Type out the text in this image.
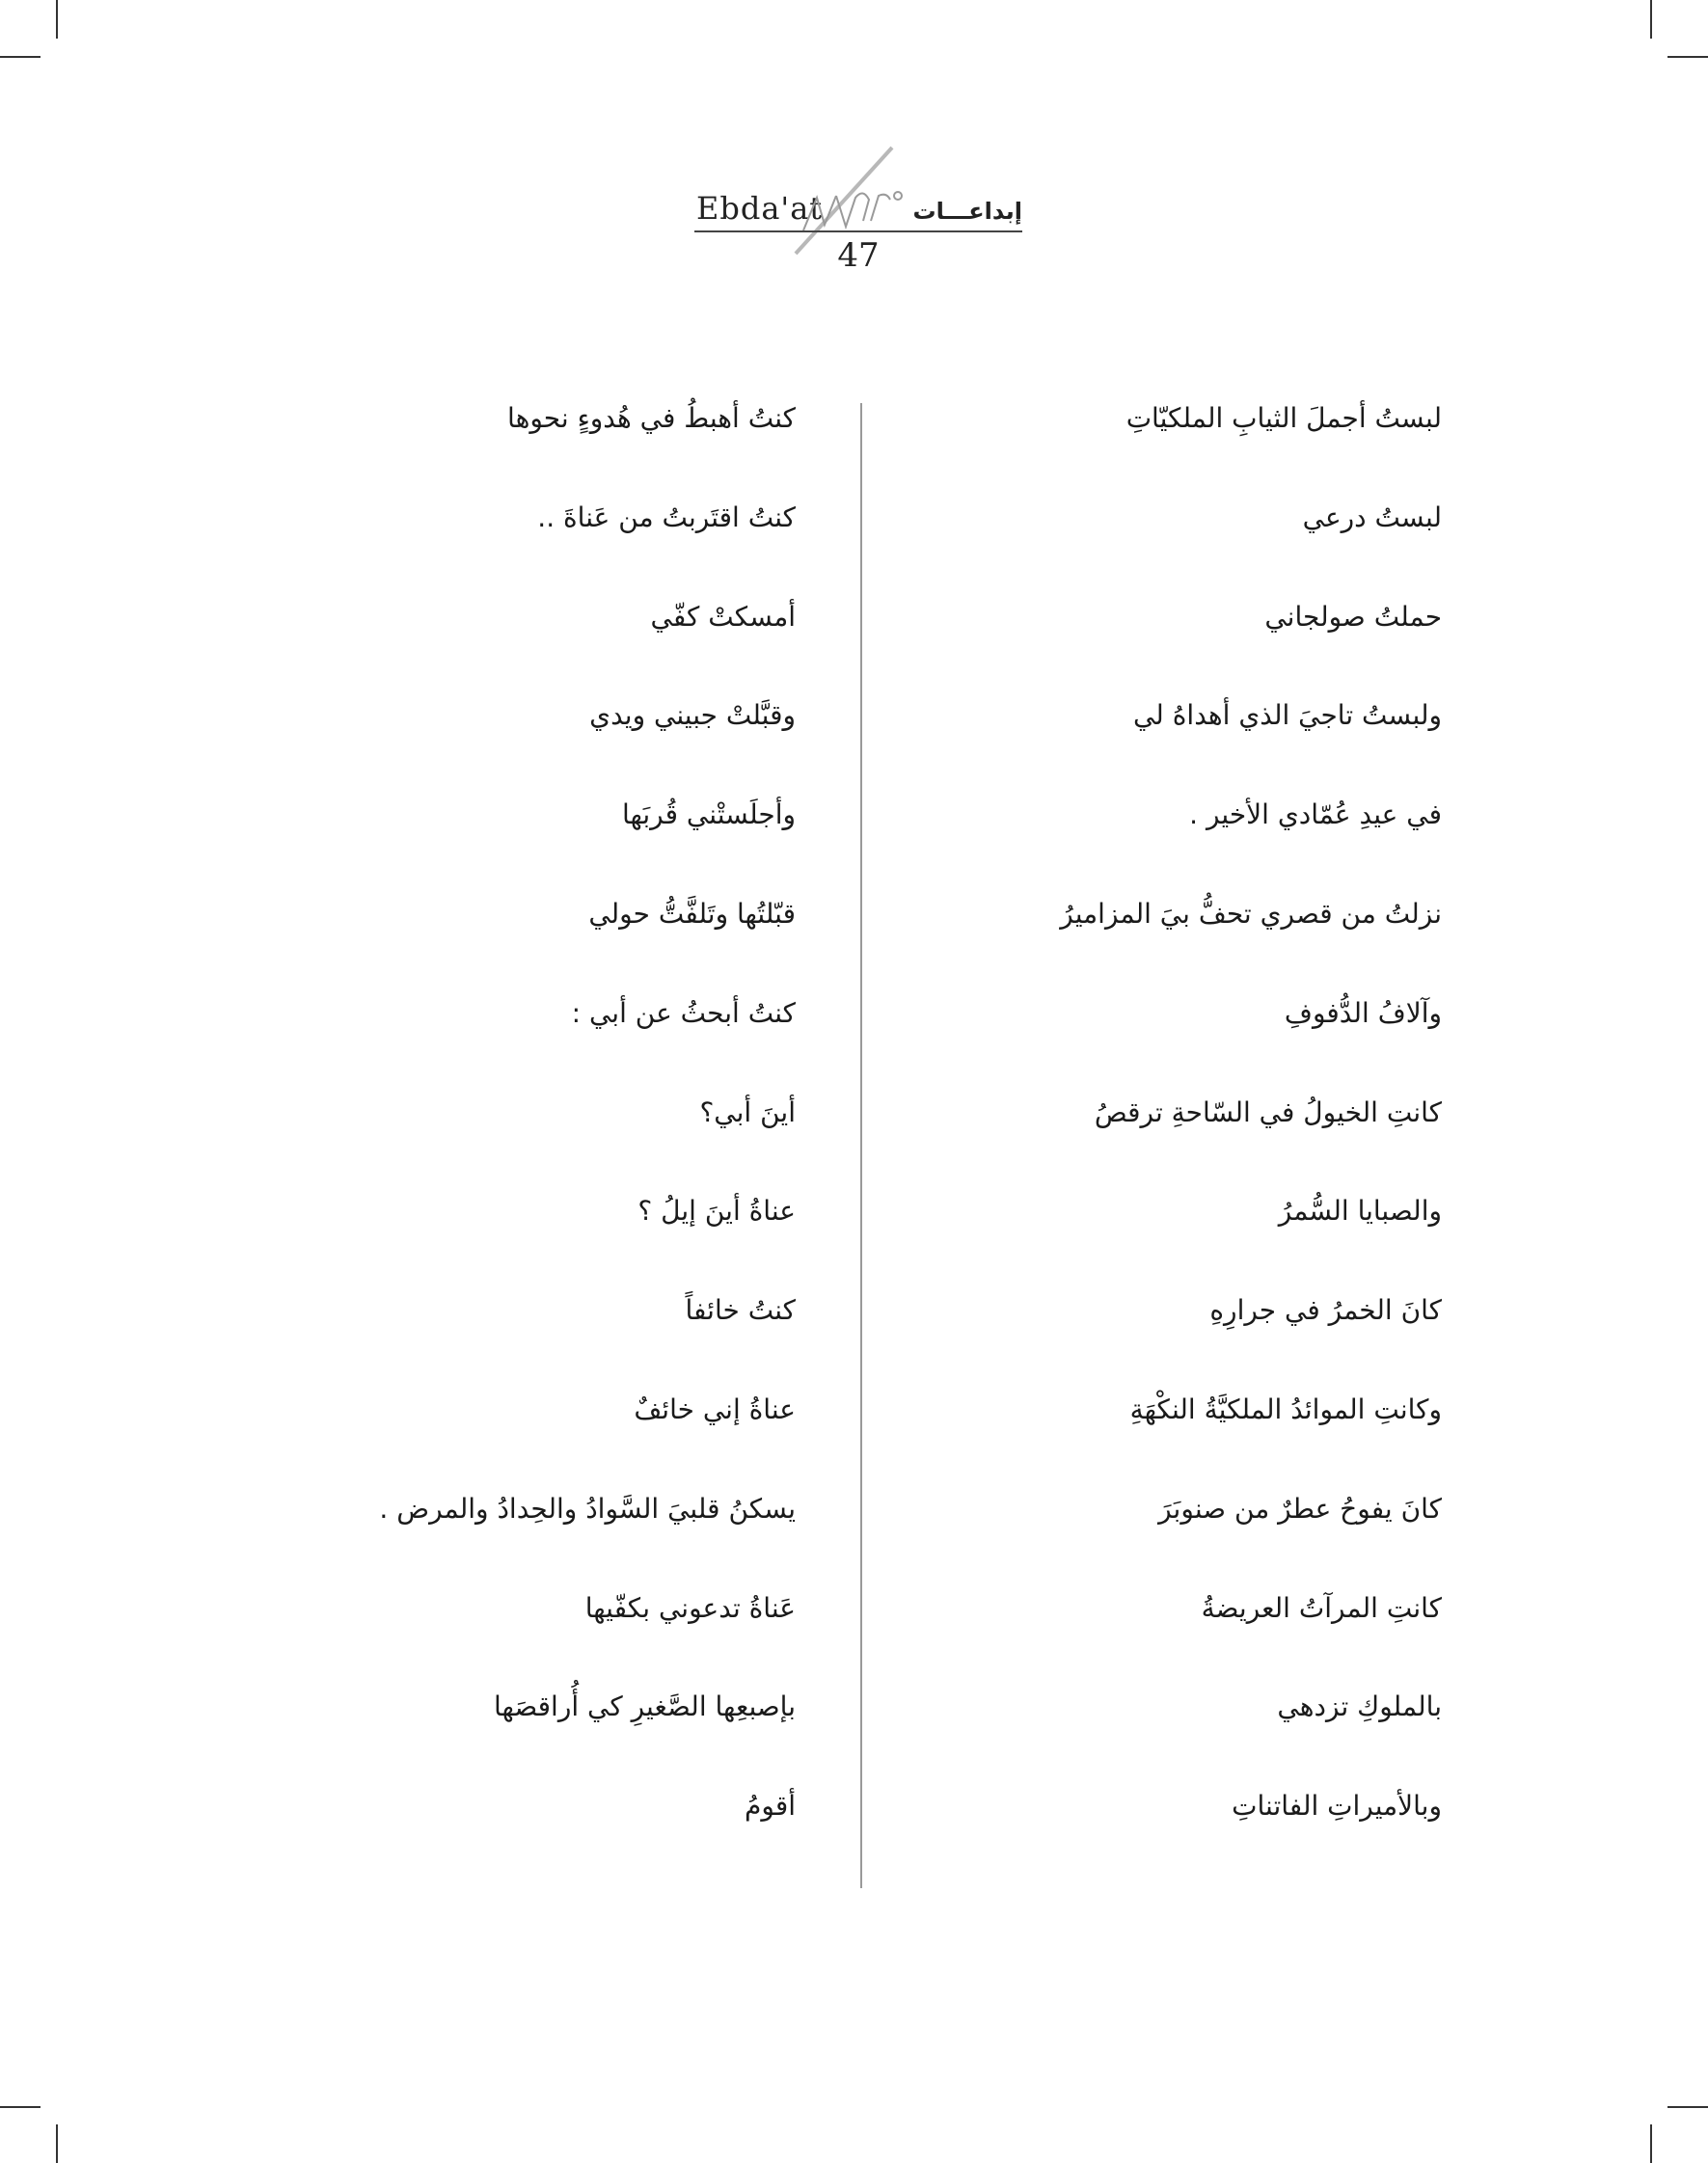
Ebda'at	إبداعـــات
47
لبستُ أجملَ الثيابِ الملكيّاتِ
لبستُ درعي
حملتُ صولجاني
ولبستُ تاجيَ الذي أهداهُ لي
في عيدِ عُمّادي الأخير .
نزلتُ من قصري تحفُّ بيَ المزاميرُ
وآلافُ الدُّفوفِ
كانتِ الخيولُ في السّاحةِ ترقصُ
والصبايا السُّمرُ
كانَ الخمرُ في جرارِهِ
وكانتِ الموائدُ الملكيَّةُ النكْهَةِ
كانَ يفوحُ عطرٌ من صنوبَرَ
كانتِ المرآتُ العريضةُ
بالملوكِ تزدهي
وبالأميراتِ الفاتناتِ
كنتُ أهبطُ في هُدوءٍ نحوها
كنتُ اقتَربتُ من عَناةَ ..
أمسكتْ كفّي
وقبَّلتْ جبيني ويدي
وأجلَستْني قُربَها
قبّلتُها وتَلفَّتُّ حولي
كنتُ أبحثُ عن أبي :
أينَ أبي؟
عناةُ أينَ إيلُ ؟
كنتُ خائفاً
عناةُ إني خائفٌ
يسكنُ قلبيَ السَّوادُ والحِدادُ والمرض .
عَناةُ تدعوني بكفّيها
بإصبعِها الصَّغيرِ كي أُراقصَها
أقومُ
